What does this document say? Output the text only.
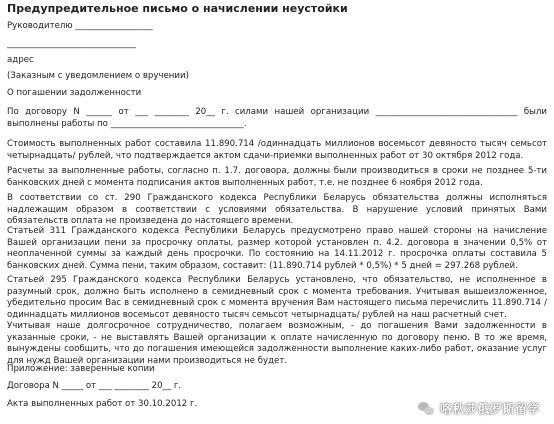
Предупредительное письмо о начислении неустойки
Руководителю __________________
______________________________
адрес
(Заказным с уведомлением о вручении)
О погашении задолженности
По договору N ______ от ___ ________ 20__ г. силами нашей организации _________________________________ были выполнены работы по _______________________________.
Стоимость выполненных работ составила 11.890.714 /одиннадцать миллионов восемьсот девяносто тысяч семьсот четырнадцать/ рублей, что подтверждается актом сдачи-приемки выполненных работ от 30 октября 2012 года.
Расчеты за выполненные работы, согласно п. 1.7. договора, должны были производиться в сроки не позднее 5-ти банковских дней с момента подписания актов выполненных работ, т.е. не позднее 6 ноября 2012 года.
В соответствии со ст. 290 Гражданского кодекса Республики Беларусь обязательства должны исполняться надлежащим образом в соответствии с условиями обязательства. В нарушение условий принятых Вами обязательств оплата не произведена до настоящего времени.
Статьей 311 Гражданского кодекса Республики Беларусь предусмотрено право нашей стороны на начисление Вашей организации пени за просрочку оплаты, размер которой установлен п. 4.2. договора в значении 0,5% от неоплаченной суммы за каждый день просрочки. По состоянию на 14.11.2012 г. просрочка оплаты составила 5 банковских дней. Сумма пени, таким образом, составит: (11.890.714 рублей * 0,5%) * 5 дней = 297.268 рублей.
Статьей 295 Гражданского кодекса Республики Беларусь установлено, что обязательство, не исполненное в разумный срок, должно быть исполнено в семидневный срок с момента требования. Учитывая вышеизложенное, убедительно просим Вас в семидневный срок с момента вручения Вам настоящего письма перечислить 11.890.714 /одиннадцать миллионов восемьсот девяносто тысяч семьсот четырнадцать/ рублей на наш расчетный счет.
Учитывая наше долгосрочное сотрудничество, полагаем возможным, - до погашения Вами задолженности в указанные сроки, - не выставлять Вашей организации к оплате начисленную по договору пеню. В то же время, вынуждены сообщить, что до погашения имеющейся задолженности выполнение каких-либо работ, оказание услуг для нужд Вашей организации нами производиться не будет.
Приложение: заверенные копии
Договора N _____ от ___ ________ 20__ г.
Акта выполненных работ от 30.10.2012 г.	咯秋莎俄罗斯留学
